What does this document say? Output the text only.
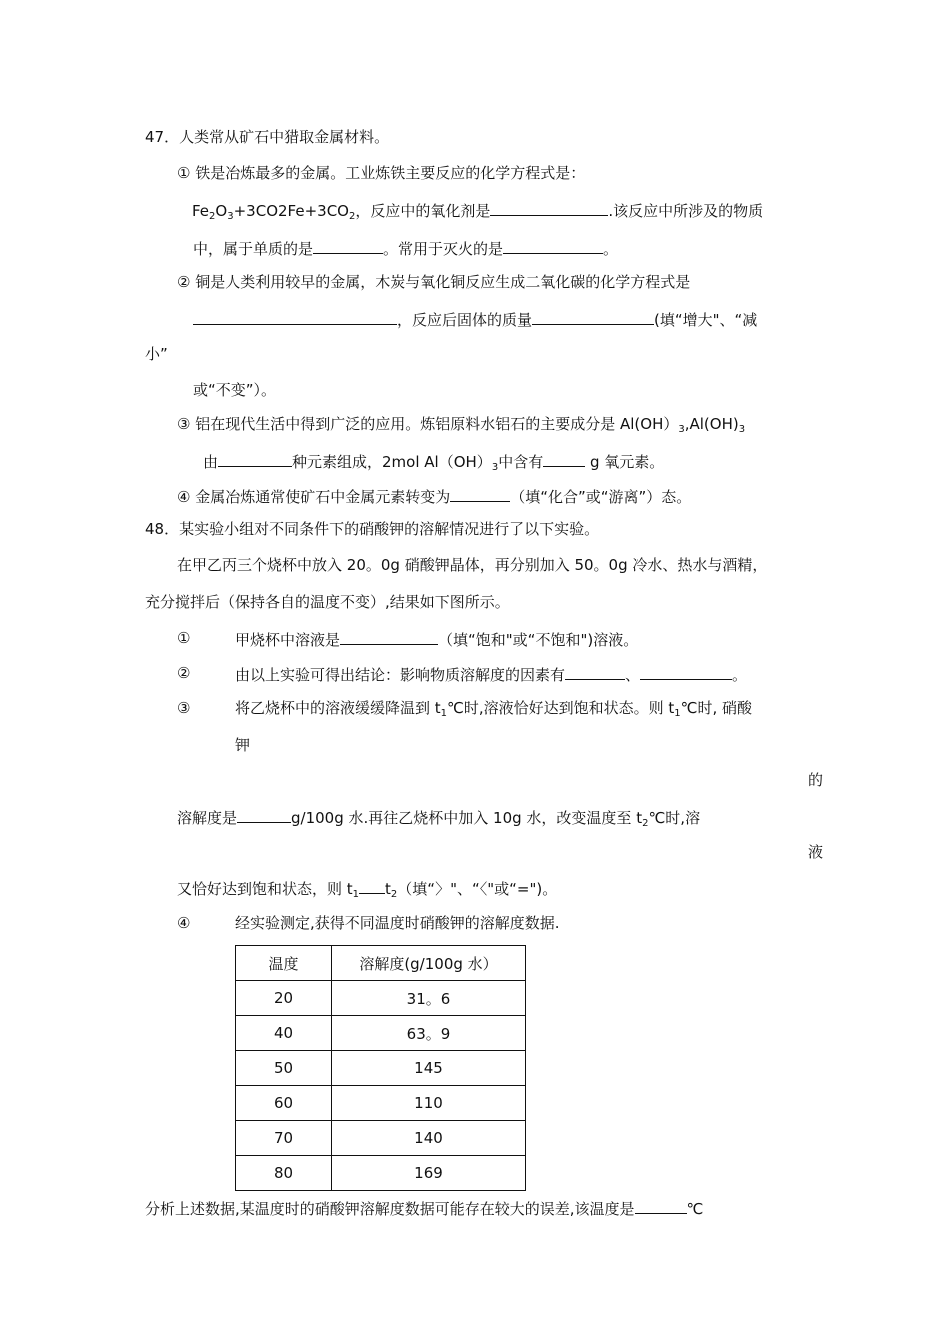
47．人类常从矿石中猎取金属材料。
① 铁是冶炼最多的金属。工业炼铁主要反应的化学方程式是：
$Fe_2O_3+3CO2Fe+3CO_2$，反应中的氧化剂是	.该反应中所涉及的物质
中，属于单质的是	。常用于灭火的是	。
② 铜是人类利用较早的金属，木炭与氧化铜反应生成二氧化碳的化学方程式是
，反应后固体的质量	(填“增大"、“减
小”
或“不变”）。
③ 铝在现代生活中得到广泛的应用。炼铝原料水铝石的主要成分是 $Al(OH)_3,Al(OH)_3$
由	种元素组成，2mol $Al(OH)_3$中含有	g 氧元素。
④ 金属冶炼通常使矿石中金属元素转变为	（填“化合”或“游离”）态。
48．某实验小组对不同条件下的硝酸钾的溶解情况进行了以下实验。
在甲乙丙三个烧杯中放入 20。0g 硝酸钾晶体，再分别加入 50。0g 冷水、热水与酒精，
充分搅拌后（保持各自的温度不变）,结果如下图所示。
①	甲烧杯中溶液是	（填“饱和"或“不饱和")溶液。
②	由以上实验可得出结论：影响物质溶解度的因素有	、	。
③	将乙烧杯中的溶液缓缓降温到 $t_1℃$时,溶液恰好达到饱和状态。则 $t_1℃$时, 硝酸
钾
的
溶解度是	g/100g 水.再往乙烧杯中加入 10g 水，改变温度至 $t_2℃$时,溶
液
又恰好达到饱和状态，则 $t_1$ $t_2$（填“〉"、“〈"或“=")。
④	经实验测定,获得不同温度时硝酸钾的溶解度数据.
温度	溶解度(g/100g 水）
20	31。6
40	63。9
50	145
60	110
70	140
80	169
分析上述数据,某温度时的硝酸钾溶解度数据可能存在较大的误差,该温度是	℃
